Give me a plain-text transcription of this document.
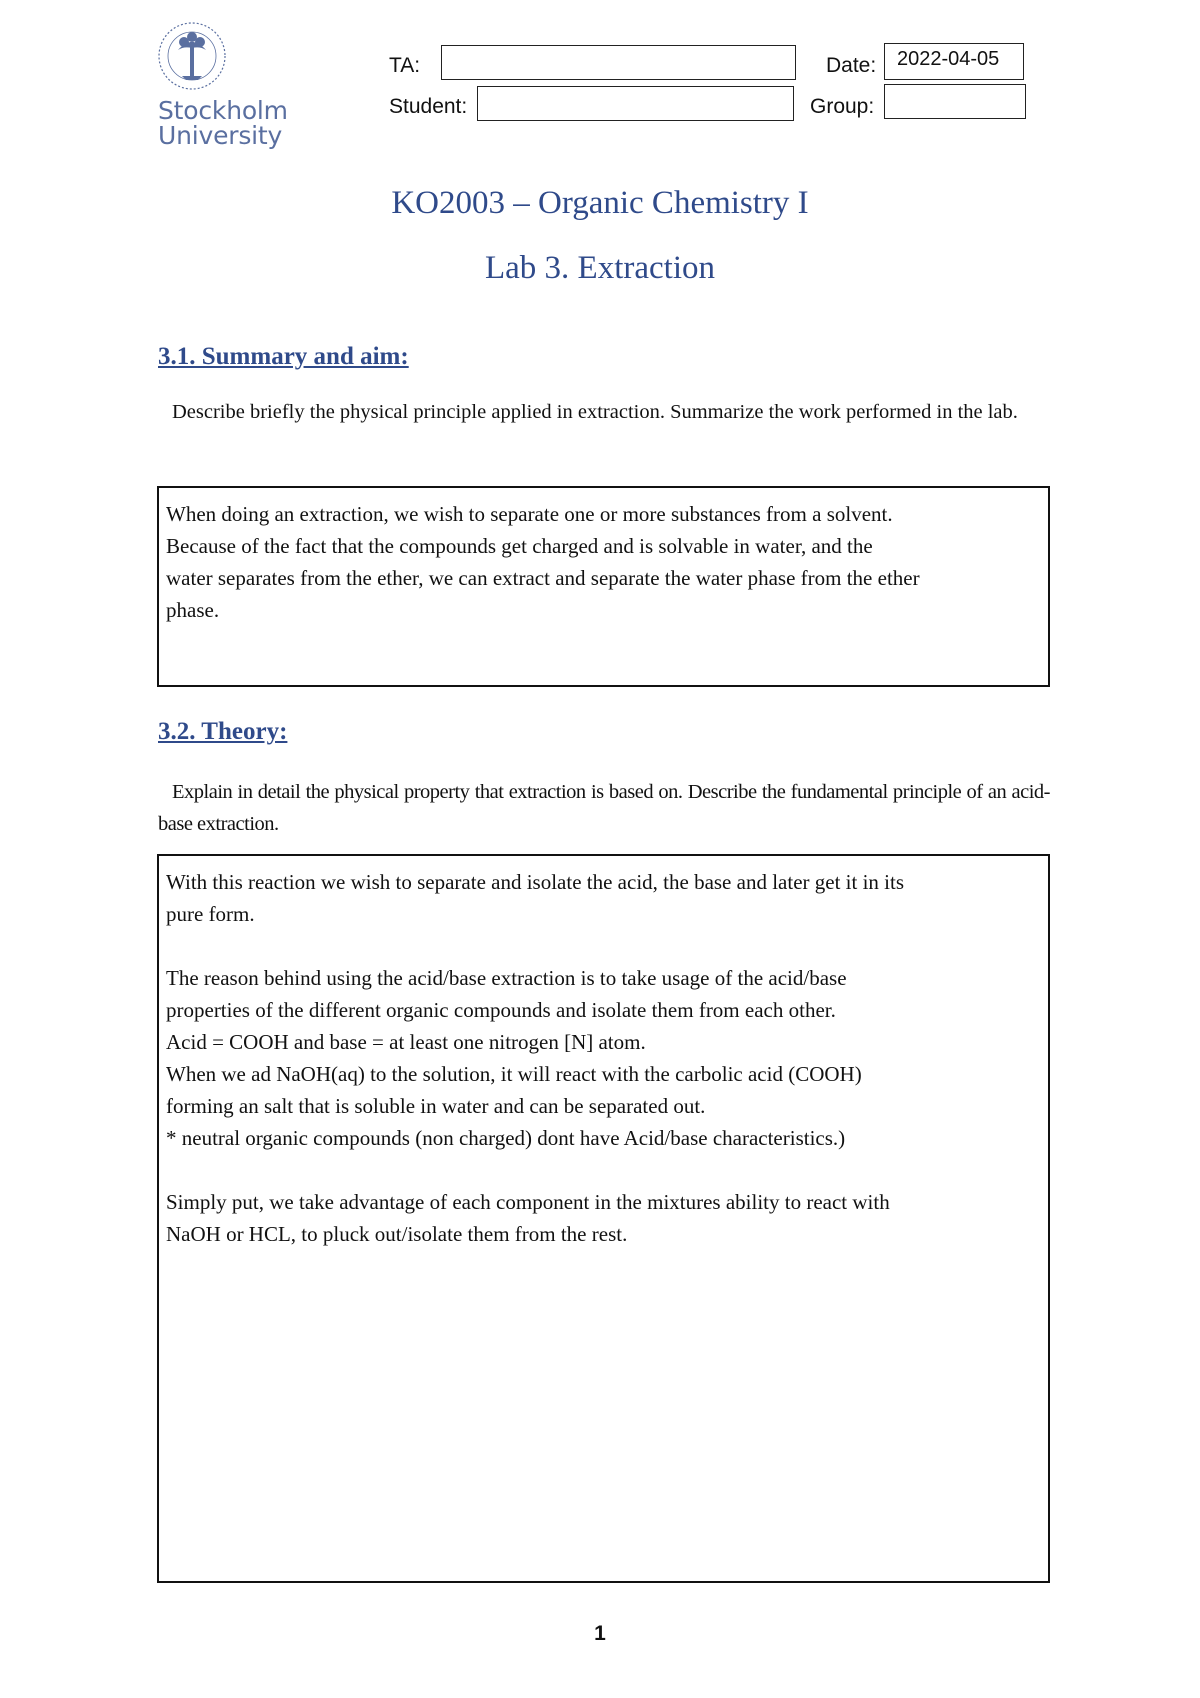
Stockholm
University
TA:
Student:
Date:	2022-04-05
Group:
KO2003 – Organic Chemistry I
Lab 3. Extraction
3.1. Summary and aim:
Describe briefly the physical principle applied in extraction. Summarize the work performed in the lab.

When doing an extraction, we wish to separate one or more substances from a solvent.

Because of the fact that the compounds get charged and is solvable in water, and the

water separates from the ether, we can extract and separate the water phase from the ether

phase.

3.2. Theory:
Explain in detail the physical property that extraction is based on. Describe the fundamental principle of an acid-base extraction.

With this reaction we wish to separate and isolate the acid, the base and later get it in its

pure form.

The reason behind using the acid/base extraction is to take usage of the acid/base

properties of the different organic compounds and isolate them from each other.

Acid = COOH and base = at least one nitrogen [N] atom.

When we ad NaOH(aq) to the solution, it will react with the carbolic acid (COOH)

forming an salt that is soluble in water and can be separated out.

* neutral organic compounds (non charged) dont have Acid/base characteristics.)

Simply put, we take advantage of each component in the mixtures ability to react with

NaOH or HCL, to pluck out/isolate them from the rest.

1
